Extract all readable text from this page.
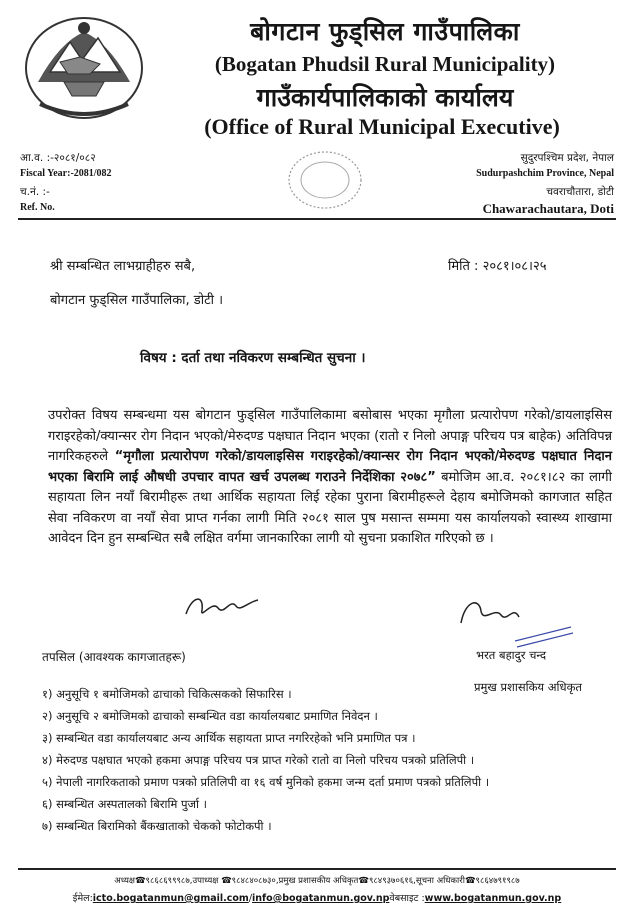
बोगटान फुड्सिल गाउँपालिका
(Bogatan Phudsil Rural Municipality)
गाउँकार्यपालिकाको कार्यालय
(Office of Rural Municipal Executive)
आ.व. :-२०८१/०८२
Fiscal Year:-2081/082
च.नं. :-
Ref. No.
सुदुरपश्चिम प्रदेश, नेपाल
Sudurpashchim Province, Nepal
चवराचौतारा, डोटी
Chawarachautara, Doti
श्री सम्बन्धित लाभग्राहीहरु सबै,
बोगटान फुड्सिल गाउँपालिका, डोटी ।
मिति : २०८१।०८।२५
विषय : दर्ता तथा नविकरण सम्बन्धित सुचना ।
उपरोक्त विषय सम्बन्धमा यस बोगटान फुड्सिल गाउँपालिकामा बसोबास भएका मृगौला प्रत्यारोपण गरेको/डायलाइसिस गराइरहेको/क्यान्सर रोग निदान भएको/मेरुदण्ड पक्षघात निदान भएका (रातो र निलो अपाङ्ग परिचय पत्र बाहेक) अतिविपन्न नागरिकहरुले “मृगौला प्रत्यारोपण गरेको/डायलाइसिस गराइरहेको/क्यान्सर रोग निदान भएको/मेरुदण्ड पक्षघात निदान भएका बिरामि लाई औषधी उपचार वापत खर्च उपलब्ध गराउने निर्देशिका २०७८” बमोजिम आ.व. २०८१।८२ का लागी सहायता लिन नयाँ बिरामीहरू तथा आर्थिक सहायता लिई रहेका पुराना बिरामीहरूले देहाय बमोजिमको कागजात सहित सेवा नविकरण वा नयाँ सेवा प्राप्त गर्नका लागी मिति २०८१ साल पुष मसान्त सम्ममा यस कार्यालयको स्वास्थ्य शाखामा आवेदन दिन हुन सम्बन्धित सबै लक्षित वर्गमा जानकारिका लागी यो सुचना प्रकाशित गरिएको छ ।
भरत बहादुर चन्द
प्रमुख प्रशासकिय अधिकृत
तपसिल (आवश्यक कागजातहरू)
१) अनुसूचि १ बमोजिमको ढाचाको चिकित्सकको सिफारिस ।
२) अनुसूचि २ बमोजिमको ढाचाको सम्बन्धित वडा कार्यालयबाट प्रमाणित निवेदन ।
३) सम्बन्धित वडा कार्यालयबाट अन्य आर्थिक सहायता प्राप्त नगरिरहेको भनि प्रमाणित पत्र ।
४) मेरुदण्ड पक्षघात भएको हकमा अपाङ्ग परिचय पत्र प्राप्त गरेको रातो वा निलो परिचय पत्रको प्रतिलिपी ।
५) नेपाली नागरिकताको प्रमाण पत्रको प्रतिलिपी वा १६ वर्ष मुनिको हकमा जन्म दर्ता प्रमाण पत्रको प्रतिलिपी ।
६) सम्बन्धित अस्पतालको बिरामि पुर्जा ।
७) सम्बन्धित बिरामिको बैंकखाताको चेकको फोटोकपी ।
अध्यक्ष☎९८६८६९९९८७,उपाध्यक्ष ☎९८४८४०८७३०,प्रमुख प्रशासकीय अधिकृत☎९८४९३७०६१६,सूचना अधिकारी☎९८६४७९१९८७
ईमेल:icto.bogatanmun@gmail.com/info@bogatanmun.gov.npवेबसाइट :www.bogatanmun.gov.np
